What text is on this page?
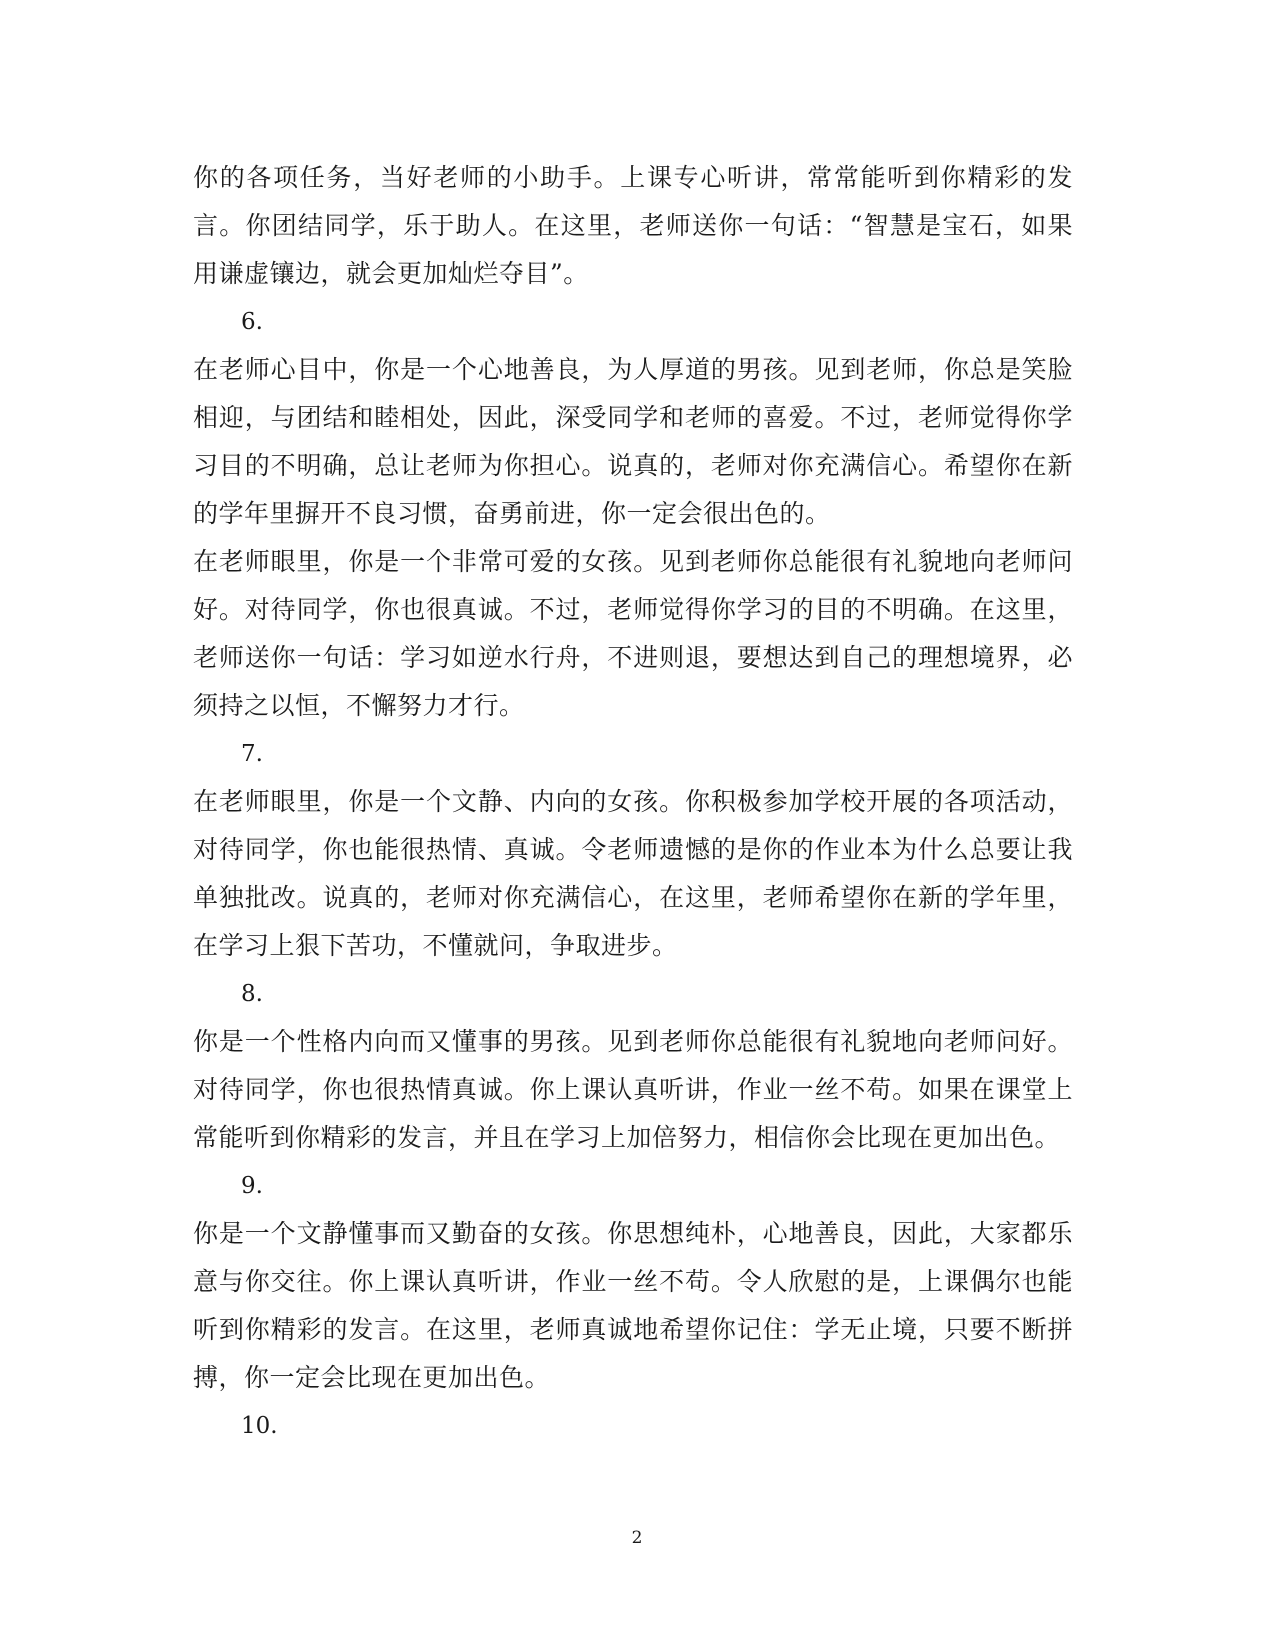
你的各项任务，当好老师的小助手。上课专心听讲，常常能听到你精彩的发言。你团结同学，乐于助人。在这里，老师送你一句话：“智慧是宝石，如果用谦虚镶边，就会更加灿烂夺目”。

6.

在老师心目中，你是一个心地善良，为人厚道的男孩。见到老师，你总是笑脸相迎，与团结和睦相处，因此，深受同学和老师的喜爱。不过，老师觉得你学习目的不明确，总让老师为你担心。说真的，老师对你充满信心。希望你在新的学年里摒开不良习惯，奋勇前进，你一定会很出色的。

在老师眼里，你是一个非常可爱的女孩。见到老师你总能很有礼貌地向老师问好。对待同学，你也很真诚。不过，老师觉得你学习的目的不明确。在这里，老师送你一句话：学习如逆水行舟，不进则退，要想达到自己的理想境界，必须持之以恒，不懈努力才行。

7.

在老师眼里，你是一个文静、内向的女孩。你积极参加学校开展的各项活动，对待同学，你也能很热情、真诚。令老师遗憾的是你的作业本为什么总要让我单独批改。说真的，老师对你充满信心，在这里，老师希望你在新的学年里，在学习上狠下苦功，不懂就问，争取进步。

8.

你是一个性格内向而又懂事的男孩。见到老师你总能很有礼貌地向老师问好。对待同学，你也很热情真诚。你上课认真听讲，作业一丝不苟。如果在课堂上常能听到你精彩的发言，并且在学习上加倍努力，相信你会比现在更加出色。

9.

你是一个文静懂事而又勤奋的女孩。你思想纯朴，心地善良，因此，大家都乐意与你交往。你上课认真听讲，作业一丝不苟。令人欣慰的是，上课偶尔也能听到你精彩的发言。在这里，老师真诚地希望你记住：学无止境，只要不断拼搏，你一定会比现在更加出色。

10.

2
